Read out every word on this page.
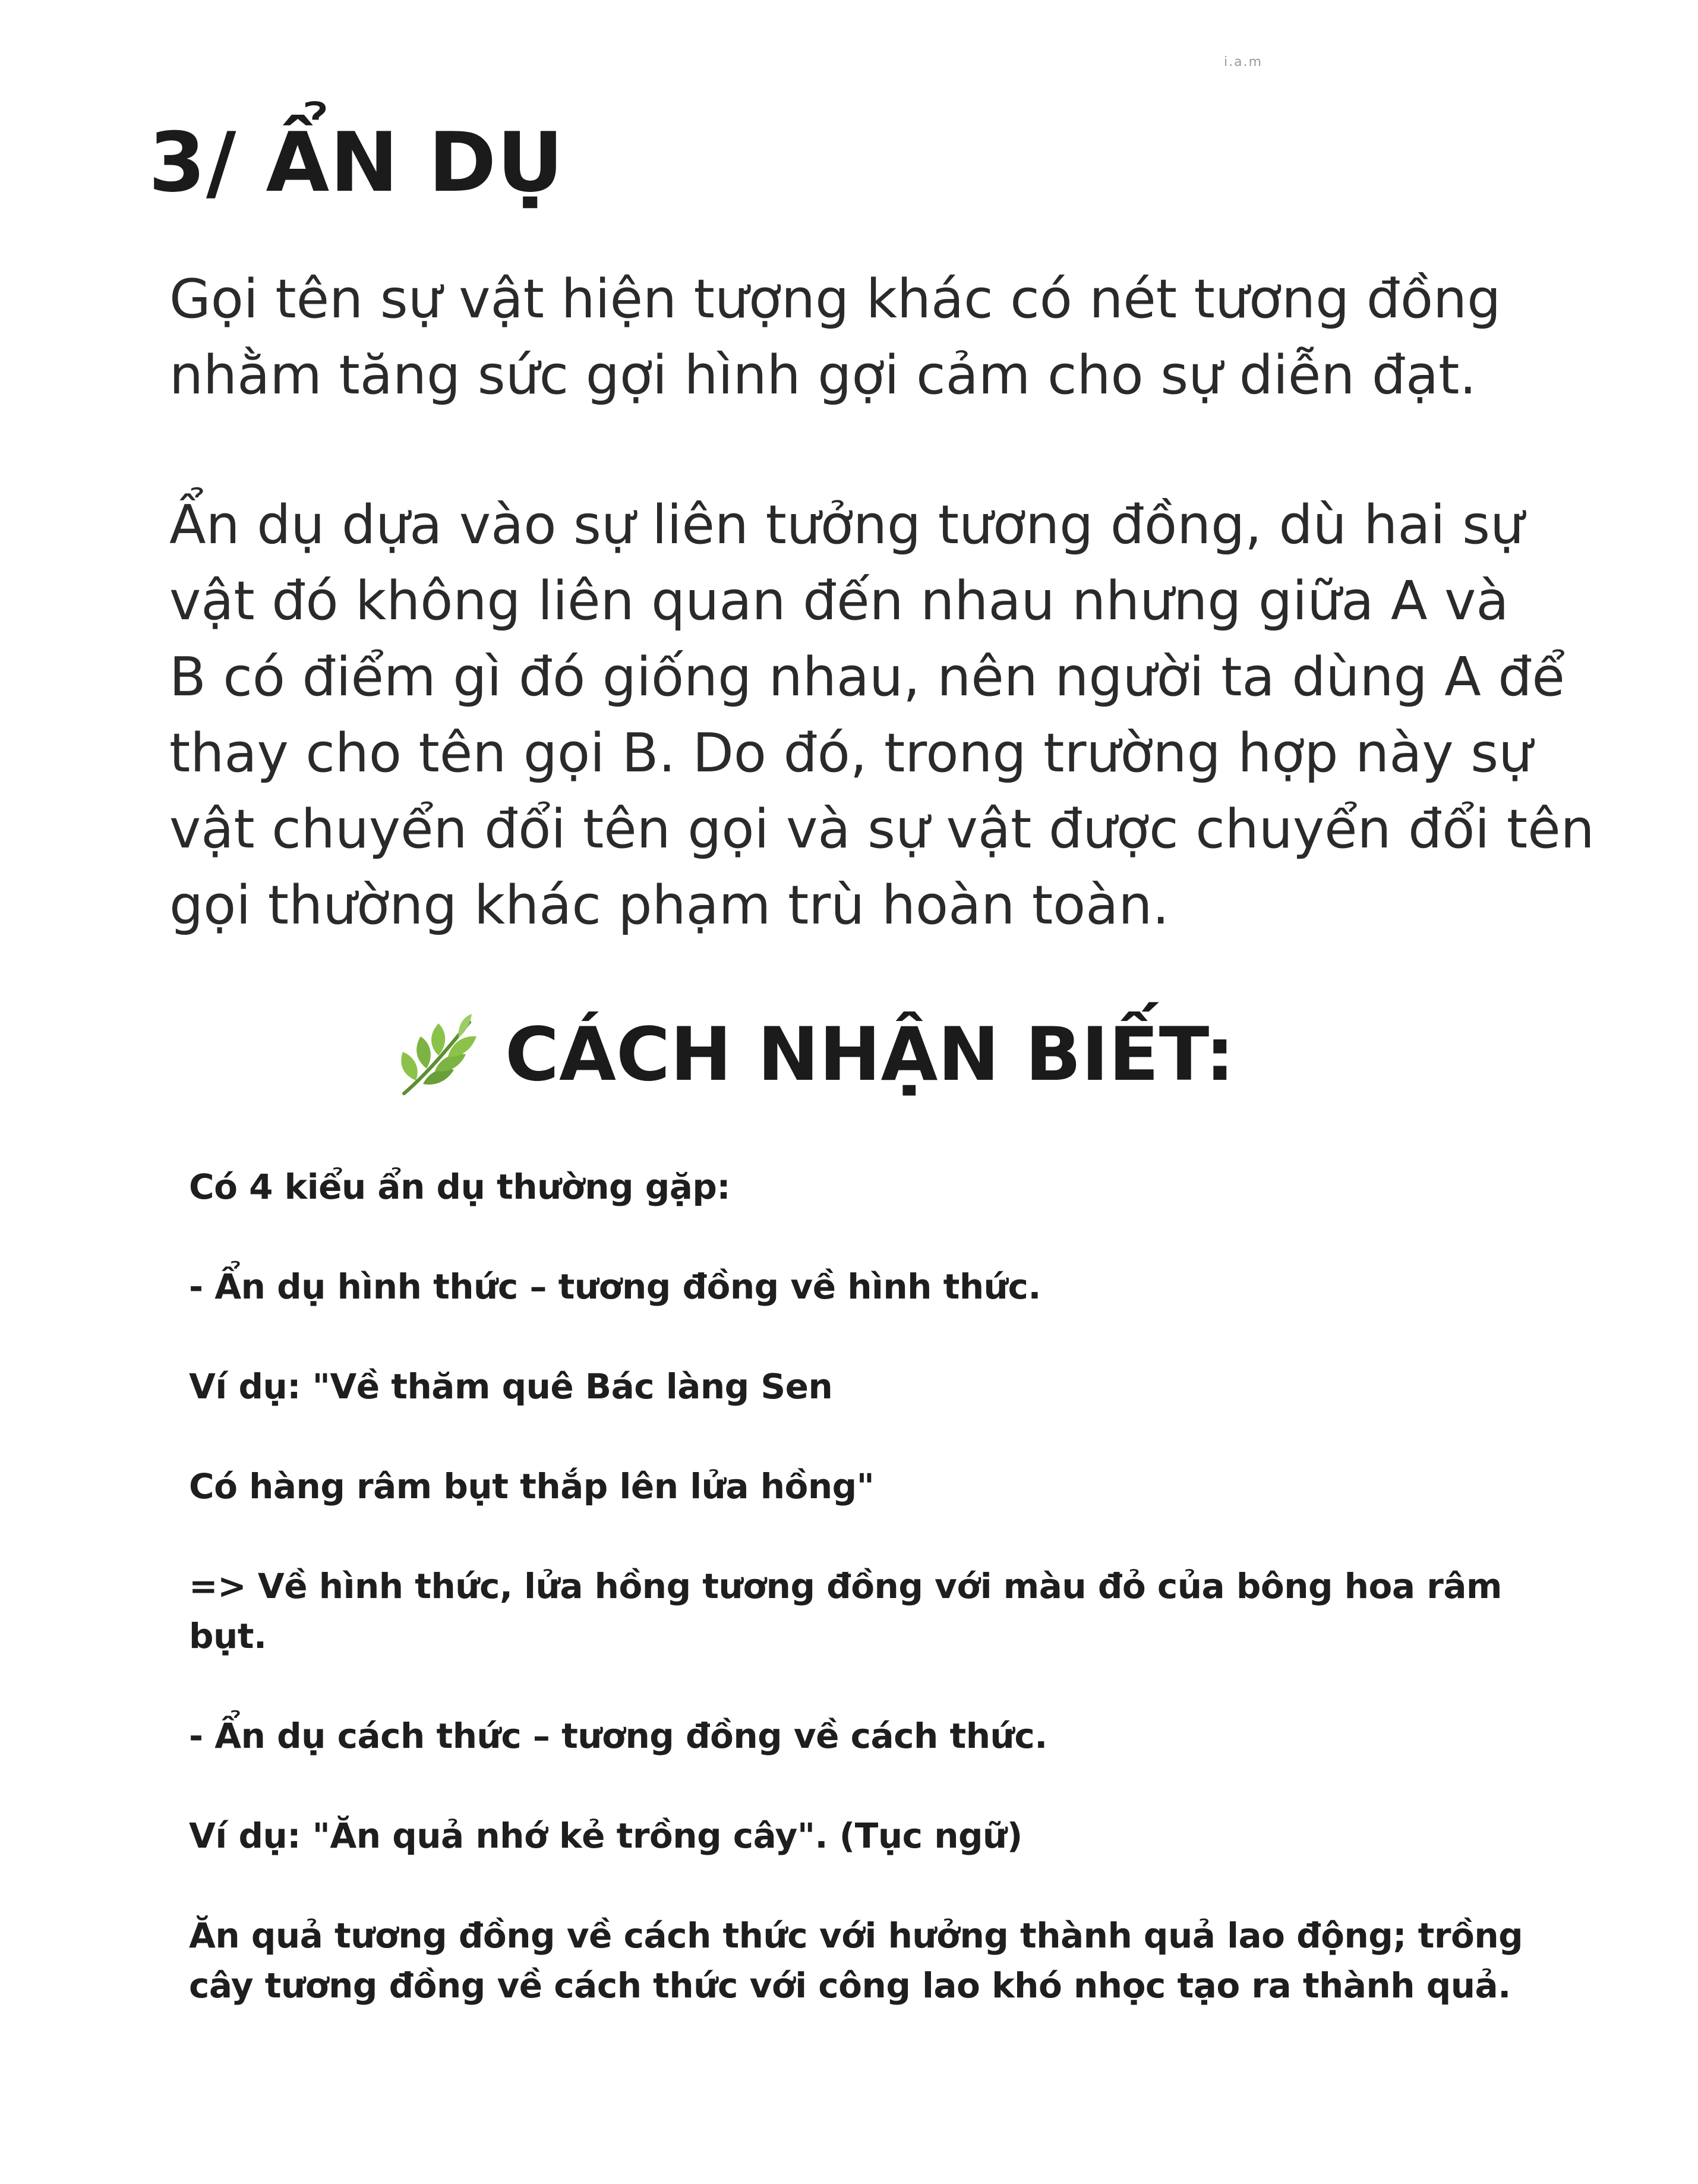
i.a.m
3/ ẨN DỤ

Gọi tên sự vật hiện tượng khác có nét tương đồng
nhằm tăng sức gợi hình gợi cảm cho sự diễn đạt.

Ẩn dụ dựa vào sự liên tưởng tương đồng, dù hai sự
vật đó không liên quan đến nhau nhưng giữa A và
B có điểm gì đó giống nhau, nên người ta dùng A để
thay cho tên gọi B. Do đó, trong trường hợp này sự
vật chuyển đổi tên gọi và sự vật được chuyển đổi tên
gọi thường khác phạm trù hoàn toàn.

CÁCH NHẬN BIẾT:
Có 4 kiểu ẩn dụ thường gặp:
- Ẩn dụ hình thức – tương đồng về hình thức.
Ví dụ: "Về thăm quê Bác làng Sen
Có hàng râm bụt thắp lên lửa hồng"
=> Về hình thức, lửa hồng tương đồng với màu đỏ của bông hoa râm
bụt.
- Ẩn dụ cách thức – tương đồng về cách thức.
Ví dụ: "Ăn quả nhớ kẻ trồng cây". (Tục ngữ)
Ăn quả tương đồng về cách thức với hưởng thành quả lao động; trồng
cây tương đồng về cách thức với công lao khó nhọc tạo ra thành quả.
